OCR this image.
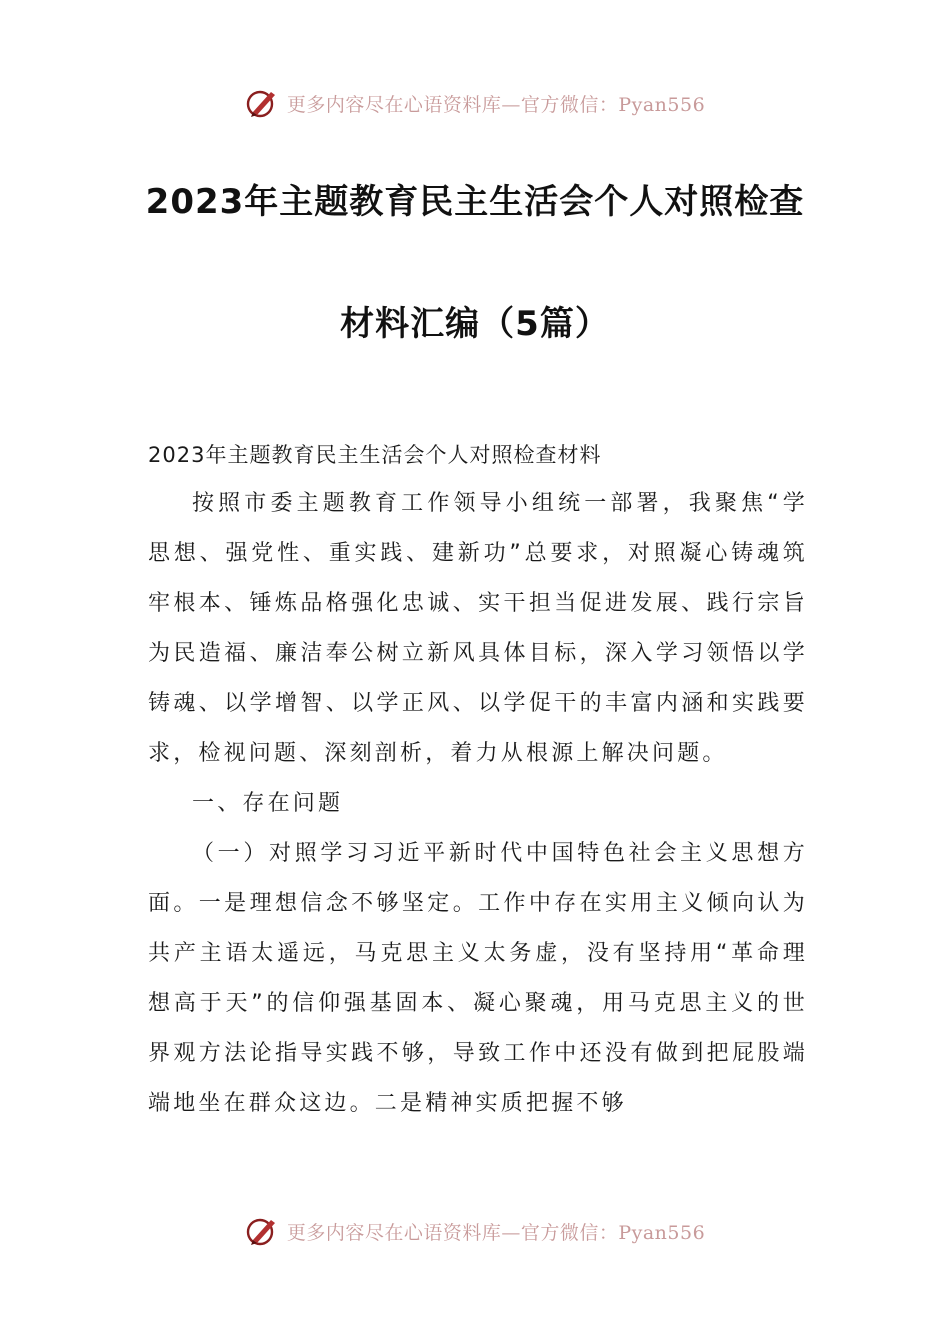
更多内容尽在心语资料库—官方微信：Pyan556
2023年主题教育民主生活会个人对照检查
材料汇编（5篇）
2023年主题教育民主生活会个人对照检查材料

按照市委主题教育工作领导小组统一部署，我聚焦“学思想、强党性、重实践、建新功”总要求，对照凝心铸魂筑牢根本、锤炼品格强化忠诚、实干担当促进发展、践行宗旨为民造福、廉洁奉公树立新风具体目标，深入学习领悟以学铸魂、以学增智、以学正风、以学促干的丰富内涵和实践要求，检视问题、深刻剖析，着力从根源上解决问题。

一、存在问题

（一）对照学习习近平新时代中国特色社会主义思想方面。一是理想信念不够坚定。工作中存在实用主义倾向认为共产主语太遥远，马克思主义太务虚，没有坚持用“革命理想高于天”的信仰强基固本、凝心聚魂，用马克思主义的世界观方法论指导实践不够，导致工作中还没有做到把屁股端端地坐在群众这边。二是精神实质把握不够

更多内容尽在心语资料库—官方微信：Pyan556
